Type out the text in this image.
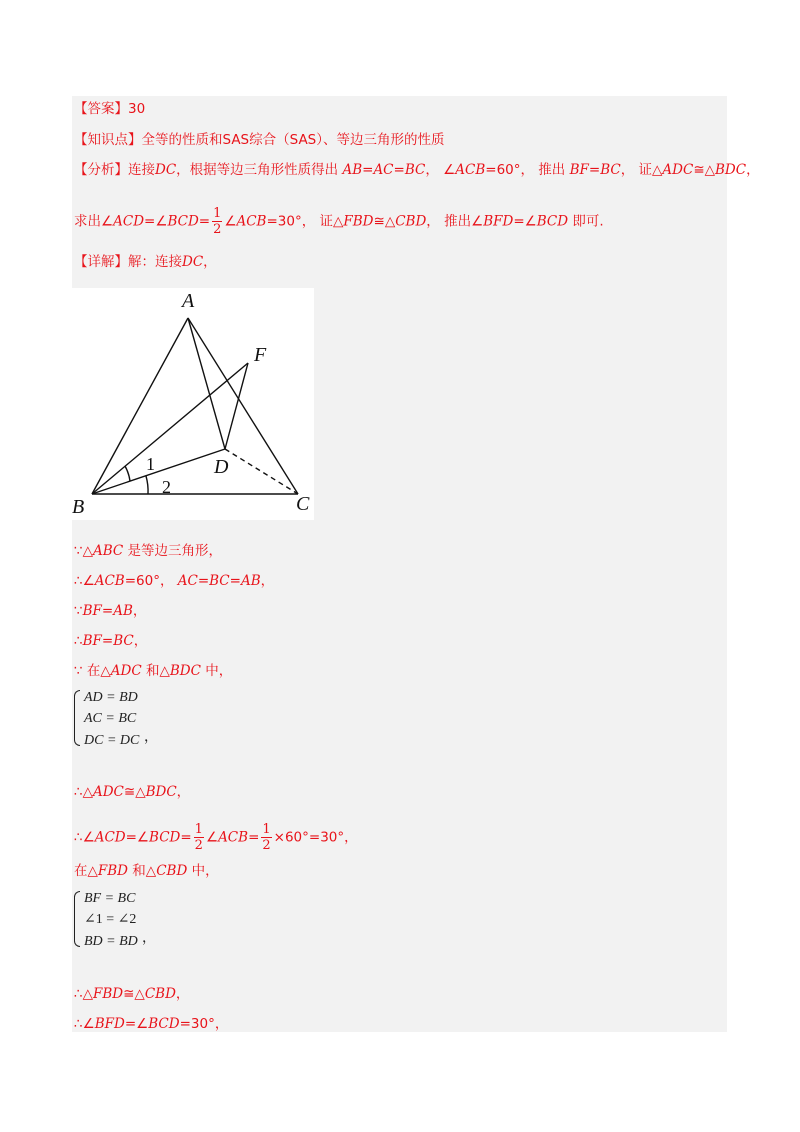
【答案】30
【知识点】全等的性质和SAS综合（SAS）、等边三角形的性质
【分析】连接DC，根据等边三角形性质得出 AB=AC=BC， ∠ACB=60°， 推出 BF=BC， 证△ADC≅△BDC，
求出∠ACD=∠BCD= $\frac{1}{2}$ ∠ACB=30°， 证△FBD≅△CBD， 推出∠BFD=∠BCD 即可.
【详解】解：连接DC，
A
B	C
D
F
1
2
∵△ABC 是等边三角形，
∴∠ACB=60°， AC=BC=AB，
∵BF=AB，
∴BF=BC，
∵ 在△ADC 和△BDC 中，
AD = BD
AC = BC
DC = DC ，
∴△ADC≅△BDC，
∴∠ACD=∠BCD= $\frac{1}{2}$ ∠ACB= $\frac{1}{2} \times 60^\circ=30^\circ$，
在△FBD 和△CBD 中，
BF = BC
∠1 = ∠2
BD = BD ，
∴△FBD≅△CBD，
∴∠BFD=∠BCD=30°，
